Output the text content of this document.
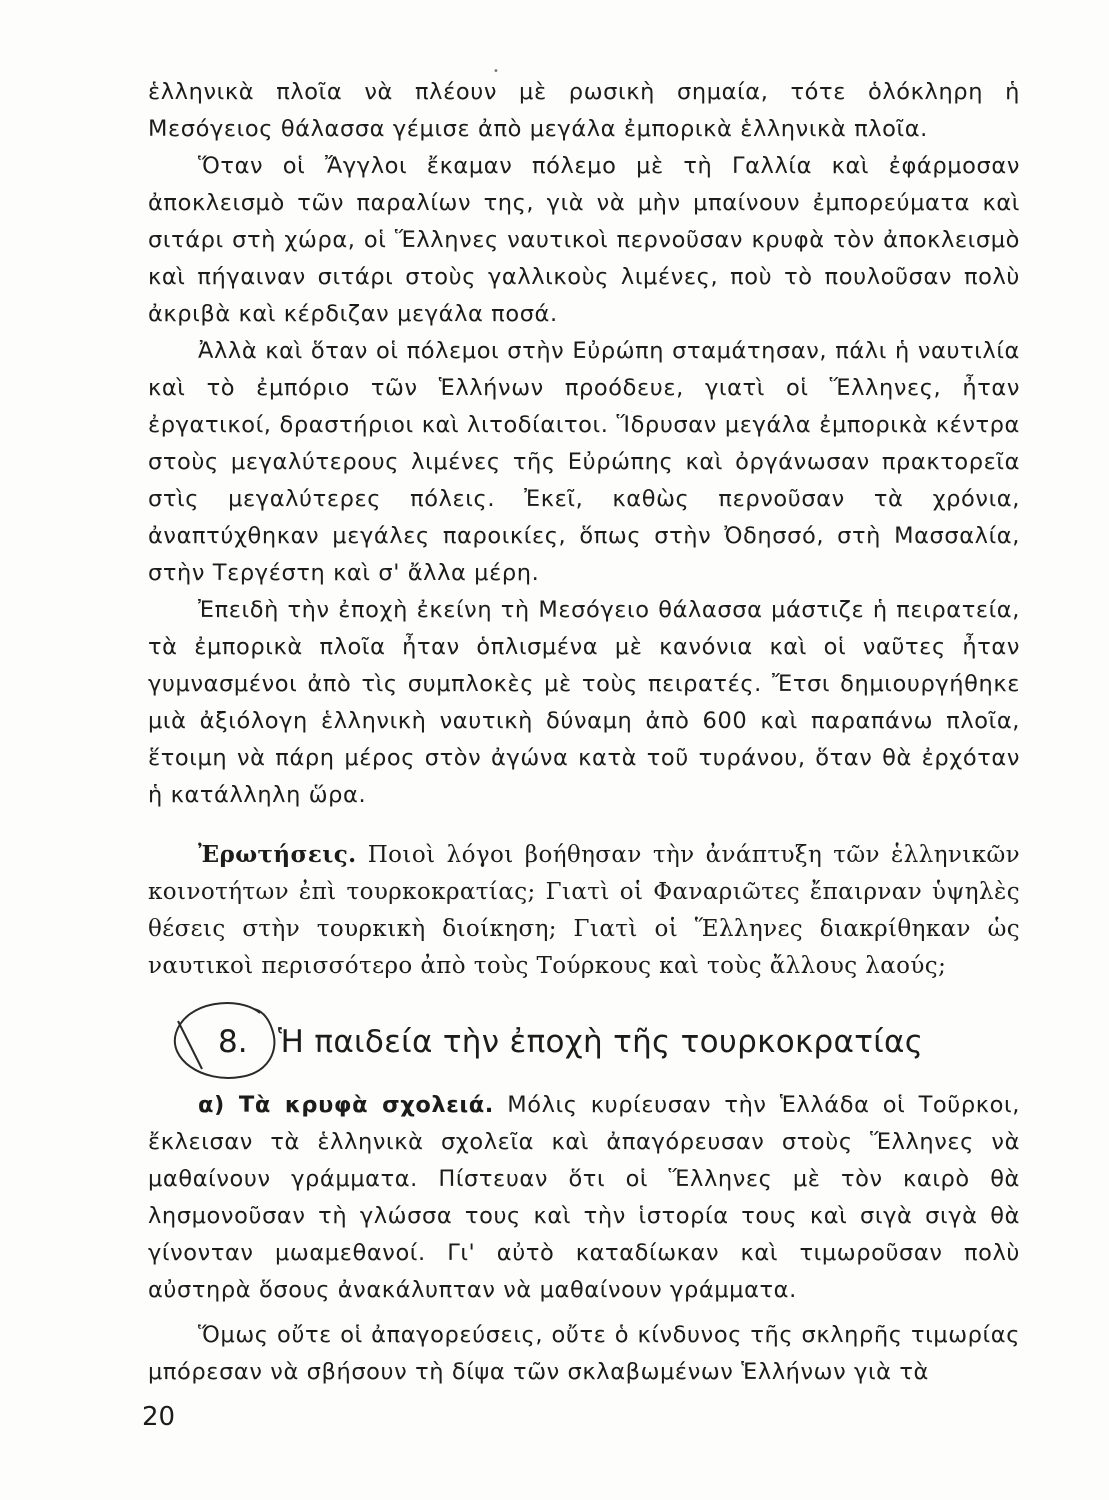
•

ἑλληνικὰ πλοῖα νὰ πλέουν μὲ ρωσικὴ σημαία, τότε ὁλόκληρη ἡ Μεσόγειος θάλασσα γέμισε ἀπὸ μεγάλα ἐμπορικὰ ἑλληνικὰ πλοῖα.

Ὅταν οἱ Ἄγγλοι ἔκαμαν πόλεμο μὲ τὴ Γαλλία καὶ ἐφάρμοσαν ἀποκλεισμὸ τῶν παραλίων της, γιὰ νὰ μὴν μπαίνουν ἐμπορεύματα καὶ σιτάρι στὴ χώρα, οἱ Ἕλληνες ναυτικοὶ περνοῦσαν κρυφὰ τὸν ἀποκλεισμὸ καὶ πήγαιναν σιτάρι στοὺς γαλλικοὺς λιμένες, ποὺ τὸ πουλοῦσαν πολὺ ἀκριβὰ καὶ κέρδιζαν μεγάλα ποσά.

Ἀλλὰ καὶ ὅταν οἱ πόλεμοι στὴν Εὐρώπη σταμάτησαν, πάλι ἡ ναυτιλία καὶ τὸ ἐμπόριο τῶν Ἑλλήνων προόδευε, γιατὶ οἱ Ἕλληνες, ἦταν ἐργατικοί, δραστήριοι καὶ λιτοδίαιτοι. Ἵδρυσαν μεγάλα ἐμπορικὰ κέντρα στοὺς μεγαλύτερους λιμένες τῆς Εὐρώπης καὶ ὀργάνωσαν πρακτορεῖα στὶς μεγαλύτερες πόλεις. Ἐκεῖ, καθὼς περνοῦσαν τὰ χρόνια, ἀναπτύχθηκαν μεγάλες παροικίες, ὅπως στὴν Ὀδησσό, στὴ Μασσαλία, στὴν Τεργέστη καὶ σ' ἄλλα μέρη.

Ἐπειδὴ τὴν ἐποχὴ ἐκείνη τὴ Μεσόγειο θάλασσα μάστιζε ἡ πειρατεία, τὰ ἐμπορικὰ πλοῖα ἦταν ὁπλισμένα μὲ κανόνια καὶ οἱ ναῦτες ἦταν γυμνασμένοι ἀπὸ τὶς συμπλοκὲς μὲ τοὺς πειρατές. Ἔτσι δημιουργήθηκε μιὰ ἀξιόλογη ἑλληνικὴ ναυτικὴ δύναμη ἀπὸ 600 καὶ παραπάνω πλοῖα, ἕτοιμη νὰ πάρη μέρος στὸν ἀγώνα κατὰ τοῦ τυράνου, ὅταν θὰ ἐρχόταν ἡ κατάλληλη ὥρα.

Ἐρωτήσεις. Ποιοὶ λόγοι βοήθησαν τὴν ἀνάπτυξη τῶν ἑλληνικῶν κοινοτήτων ἐπὶ τουρκοκρατίας; Γιατὶ οἱ Φαναριῶτες ἔπαιρναν ὑψηλὲς θέσεις στὴν τουρκικὴ διοίκηση; Γιατὶ οἱ Ἕλληνες διακρίθηκαν ὡς ναυτικοὶ περισσότερο ἀπὸ τοὺς Τούρκους καὶ τοὺς ἄλλους λαούς;

8. Ἡ παιδεία τὴν ἐποχὴ τῆς τουρκοκρατίας

α) Τὰ κρυφὰ σχολειά. Μόλις κυρίευσαν τὴν Ἑλλάδα οἱ Τοῦρκοι, ἔκλεισαν τὰ ἑλληνικὰ σχολεῖα καὶ ἀπαγόρευσαν στοὺς Ἕλληνες νὰ μαθαίνουν γράμματα. Πίστευαν ὅτι οἱ Ἕλληνες μὲ τὸν καιρὸ θὰ λησμονοῦσαν τὴ γλώσσα τους καὶ τὴν ἱστορία τους καὶ σιγὰ σιγὰ θὰ γίνονταν μωαμεθανοί. Γι' αὐτὸ καταδίωκαν καὶ τιμωροῦσαν πολὺ αὐστηρὰ ὅσους ἀνακάλυπταν νὰ μαθαίνουν γράμματα.

Ὅμως οὔτε οἱ ἀπαγορεύσεις, οὔτε ὁ κίνδυνος τῆς σκληρῆς τιμωρίας μπόρεσαν νὰ σβήσουν τὴ δίψα τῶν σκλαβωμένων Ἑλλήνων γιὰ τὰ

20
